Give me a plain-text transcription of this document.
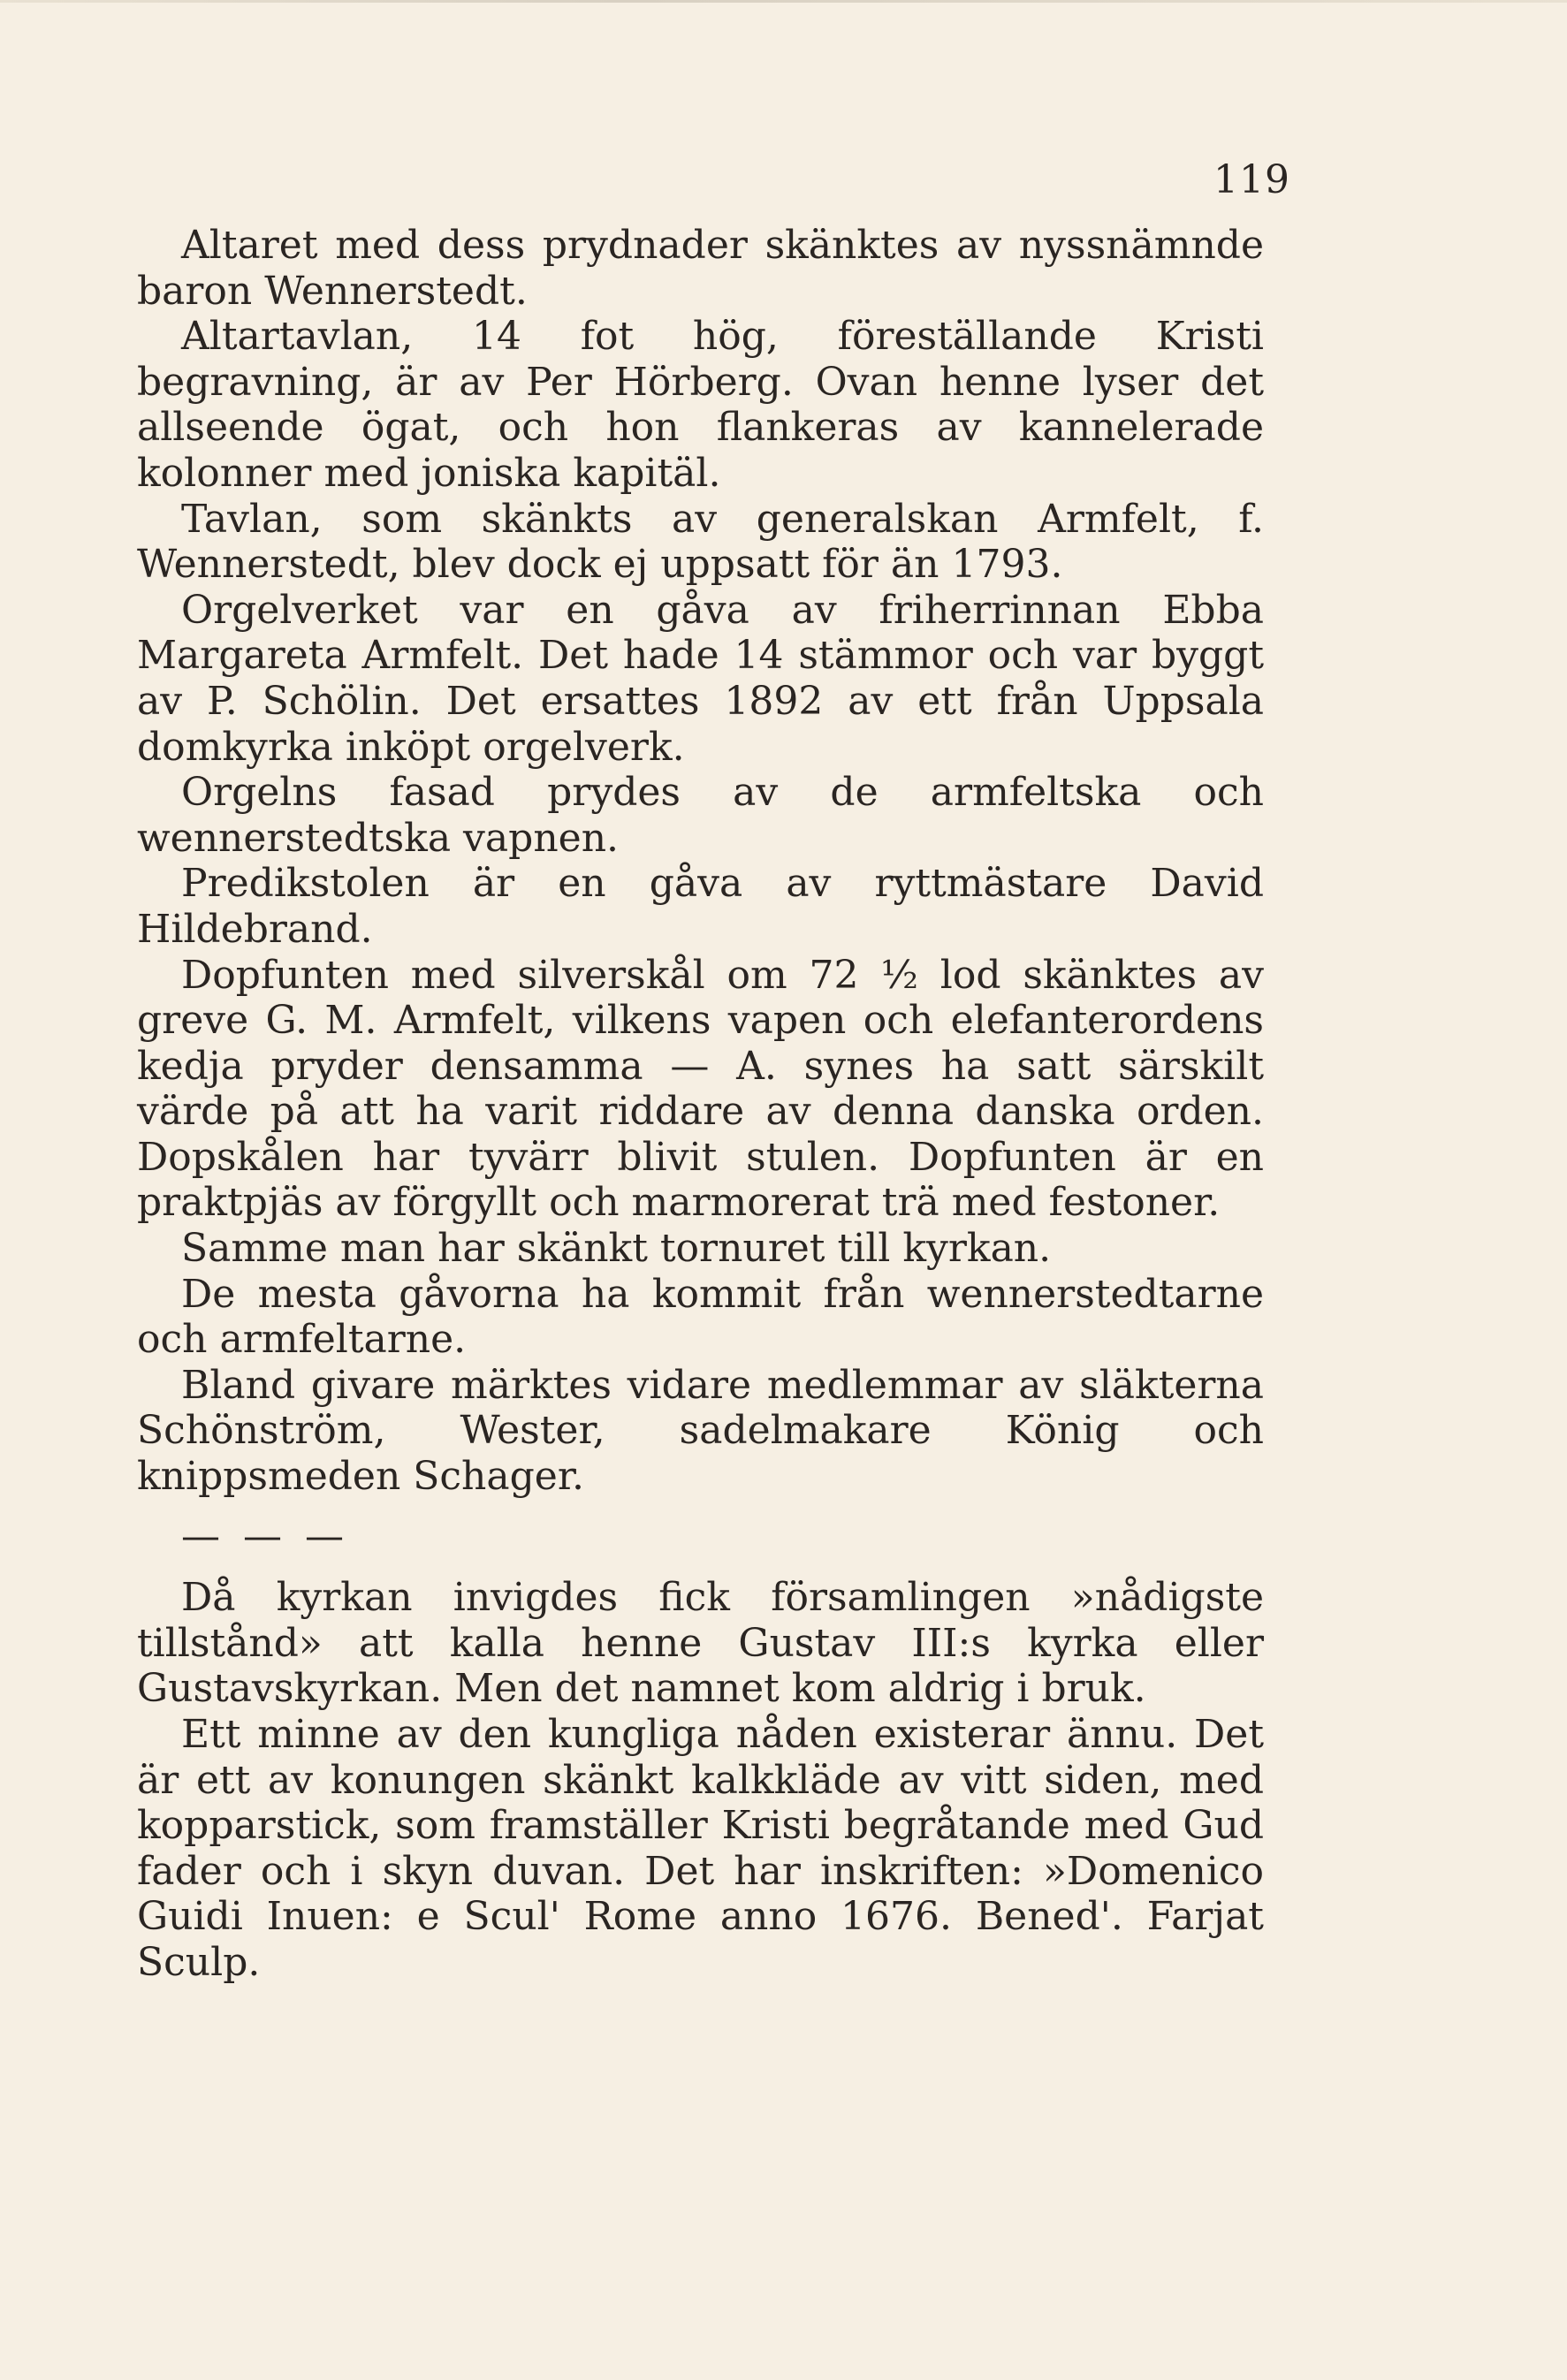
119

Altaret med dess prydnader skänktes av nyssnämnde baron Wennerstedt.

Altartavlan, 14 fot hög, föreställande Kristi begravning, är av Per Hörberg. Ovan henne lyser det allseende ögat, och hon flankeras av kannelerade kolonner med joniska kapitäl.

Tavlan, som skänkts av generalskan Armfelt, f. Wennerstedt, blev dock ej uppsatt för än 1793.

Orgelverket var en gåva av friherrinnan Ebba Margareta Armfelt. Det hade 14 stämmor och var byggt av P. Schölin. Det ersattes 1892 av ett från Uppsala domkyrka inköpt orgelverk.

Orgelns fasad prydes av de armfeltska och wennerstedtska vapnen.

Predikstolen är en gåva av ryttmästare David Hildebrand.

Dopfunten med silverskål om 72 ½ lod skänktes av greve G. M. Armfelt, vilkens vapen och elefanterordens kedja pryder densamma — A. synes ha satt särskilt värde på att ha varit riddare av denna danska orden. Dopskålen har tyvärr blivit stulen. Dopfunten är en praktpjäs av förgyllt och marmorerat trä med festoner.

Samme man har skänkt tornuret till kyrkan.

De mesta gåvorna ha kommit från wennerstedtarne och armfeltarne.

Bland givare märktes vidare medlemmar av släkterna Schönström, Wester, sadelmakare König och knippsmeden Schager.

— — —

Då kyrkan invigdes fick församlingen »nådigste tillstånd» att kalla henne Gustav III:s kyrka eller Gustavskyrkan. Men det namnet kom aldrig i bruk.

Ett minne av den kungliga nåden existerar ännu. Det är ett av konungen skänkt kalkkläde av vitt siden, med kopparstick, som framställer Kristi begråtande med Gud fader och i skyn duvan. Det har inskriften: »Domenico Guidi Inuen: e Scul' Rome anno 1676. Bened'. Farjat Sculp.
